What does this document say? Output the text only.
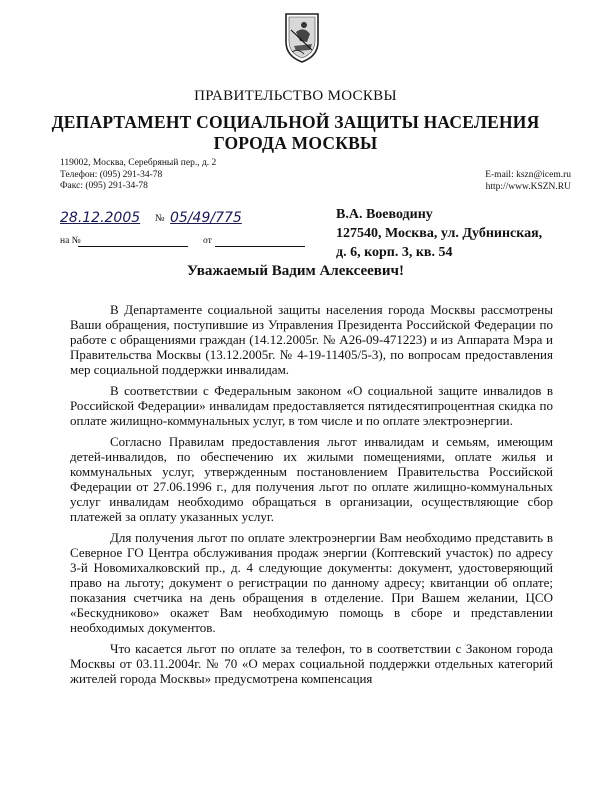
ПРАВИТЕЛЬСТВО МОСКВЫ
ДЕПАРТАМЕНТ СОЦИАЛЬНОЙ ЗАЩИТЫ НАСЕЛЕНИЯ
ГОРОДА МОСКВЫ
119002, Москва, Серебряный пер., д. 2
Телефон: (095) 291-34-78
Факс: (095) 291-34-78
E-mail: kszn@icem.ru
http://www.KSZN.RU
28.12.2005 № 05/49/775
на №	от
В.А. Воеводину
127540, Москва, ул. Дубнинская,
д. 6, корп. 3, кв. 54
Уважаемый Вадим Алексеевич!

В Департаменте социальной защиты населения города Москвы рассмотрены Ваши обращения, поступившие из Управления Президента Российской Федерации по работе с обращениями граждан (14.12.2005г. № А26-09-471223) и из Аппарата Мэра и Правительства Москвы (13.12.2005г. № 4-19-11405/5-3), по вопросам предоставления мер социальной поддержки инвалидам.

В соответствии с Федеральным законом «О социальной защите инвалидов в Российской Федерации» инвалидам предоставляется пятидесятипроцентная скидка по оплате жилищно-коммунальных услуг, в том числе и по оплате электроэнергии.

Согласно Правилам предоставления льгот инвалидам и семьям, имеющим детей-инвалидов, по обеспечению их жилыми помещениями, оплате жилья и коммунальных услуг, утвержденным постановлением Правительства Российской Федерации от 27.06.1996 г., для получения льгот по оплате жилищно-коммунальных услуг инвалидам необходимо обращаться в организации, осуществляющие сбор платежей за оплату указанных услуг.

Для получения льгот по оплате электроэнергии Вам необходимо представить в Северное ГО Центра обслуживания продаж энергии (Коптевский участок) по адресу 3-й Новомихалковский пр., д. 4 следующие документы: документ, удостоверяющий право на льготу; документ о регистрации по данному адресу; квитанции об оплате; показания счетчика на день обращения в отделение. При Вашем желании, ЦСО «Бескудниково» окажет Вам необходимую помощь в сборе и представлении необходимых документов.

Что касается льгот по оплате за телефон, то в соответствии с Законом города Москвы от 03.11.2004г. № 70 «О мерах социальной поддержки отдельных категорий жителей города Москвы» предусмотрена компенсация
